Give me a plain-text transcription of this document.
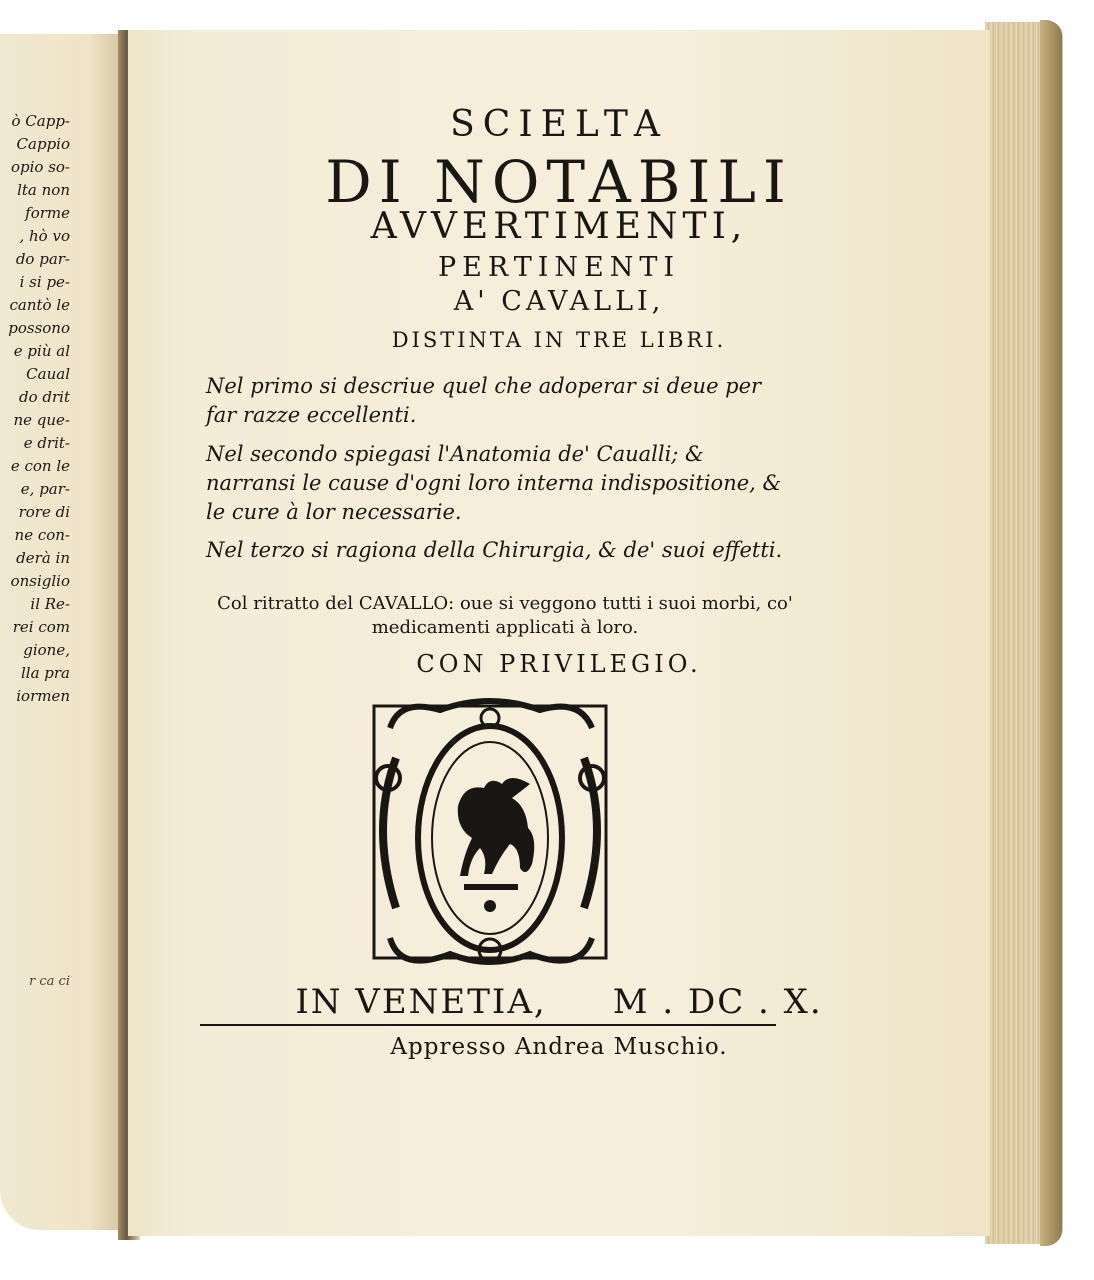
ò Capp-
Cappio
opio so-
lta non
forme
, hò vo
do par-
i si pe-
cantò le
possono
e più al
Caual
do drit
ne que-
e drit-
e con le
e, par-
rore di
ne con-
derà in
onsiglio
il Re-
rei com
gione,
lla pra
iormen
r ca ci
SCIELTA
DI NOTABILI
AVVERTIMENTI,
PERTINENTI
A' CAVALLI,
DISTINTA IN TRE LIBRI.
Nel primo si descriue quel che adoperar si deue per far razze eccellenti.
Nel secondo spiegasi l'Anatomia de' Caualli; & narransi le cause d'ogni loro interna indispositione, & le cure à lor necessarie.
Nel terzo si ragiona della Chirurgia, & de' suoi effetti.
Col ritratto del CAVALLO: oue si veggono tutti i suoi morbi, co' medicamenti applicati à loro.
CON PRIVILEGIO.
IN VENETIA, M . DC . X.
Appresso Andrea Muschio.
